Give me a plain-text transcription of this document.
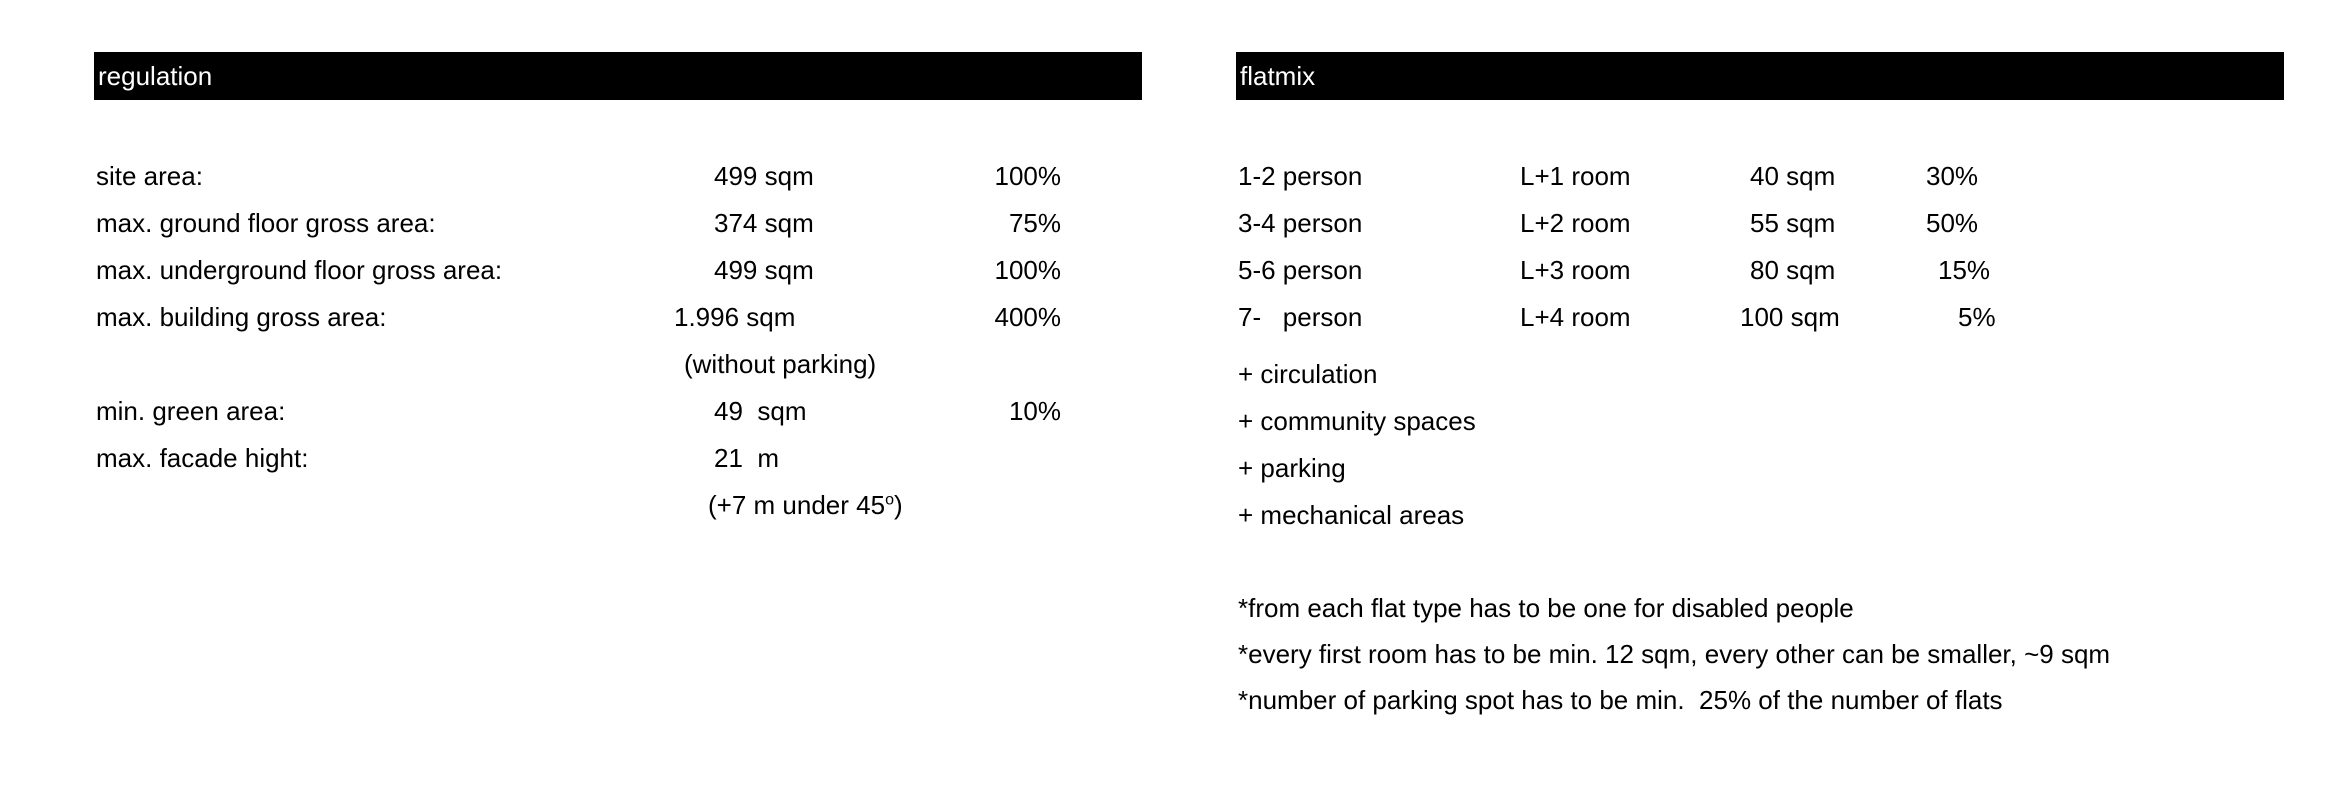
regulation
site area:	499 sqm	100%
max. ground floor gross area:	374 sqm	75%
max. underground floor gross area:	499 sqm	100%
max. building gross area:	1.996 sqm	400%
(without parking)
min. green area:	49  sqm	10%
max. facade hight:	21  m
(+7 m under 45$^o$)
flatmix
1-2 person	L+1 room	40 sqm	30%
3-4 person	L+2 room	55 sqm	50%
5-6 person	L+3 room	80 sqm	15%
7-   person	L+4 room	100 sqm	5%
+ circulation
+ community spaces
+ parking
+ mechanical areas
*from each flat type has to be one for disabled people
*every first room has to be min. 12 sqm, every other can be smaller, ~9 sqm
*number of parking spot has to be min.  25% of the number of flats
